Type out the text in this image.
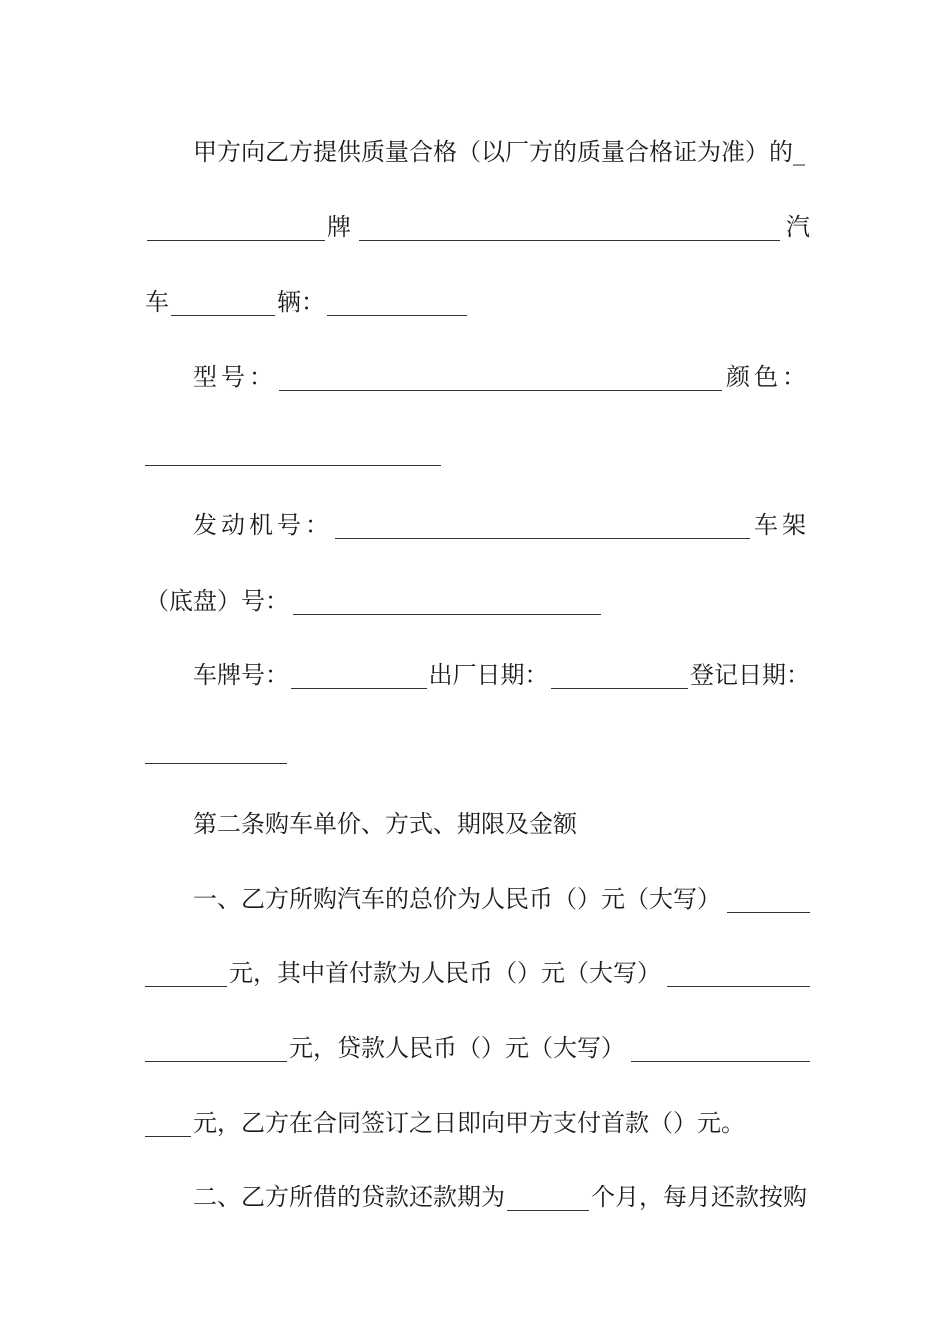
甲方向乙方提供质量合格（以厂方的质量合格证为准）的_
牌	汽
车	辆：
型号：	颜色：
发动机号：	车架
（底盘）号：
车牌号：	出厂日期：	登记日期：
第二条购车单价、方式、期限及金额
一、乙方所购汽车的总价为人民币（）元（大写）
元，其中首付款为人民币（）元（大写）
元，贷款人民币（）元（大写）
元，乙方在合同签订之日即向甲方支付首款（）元。
二、乙方所借的贷款还款期为	个月，每月还款按购
